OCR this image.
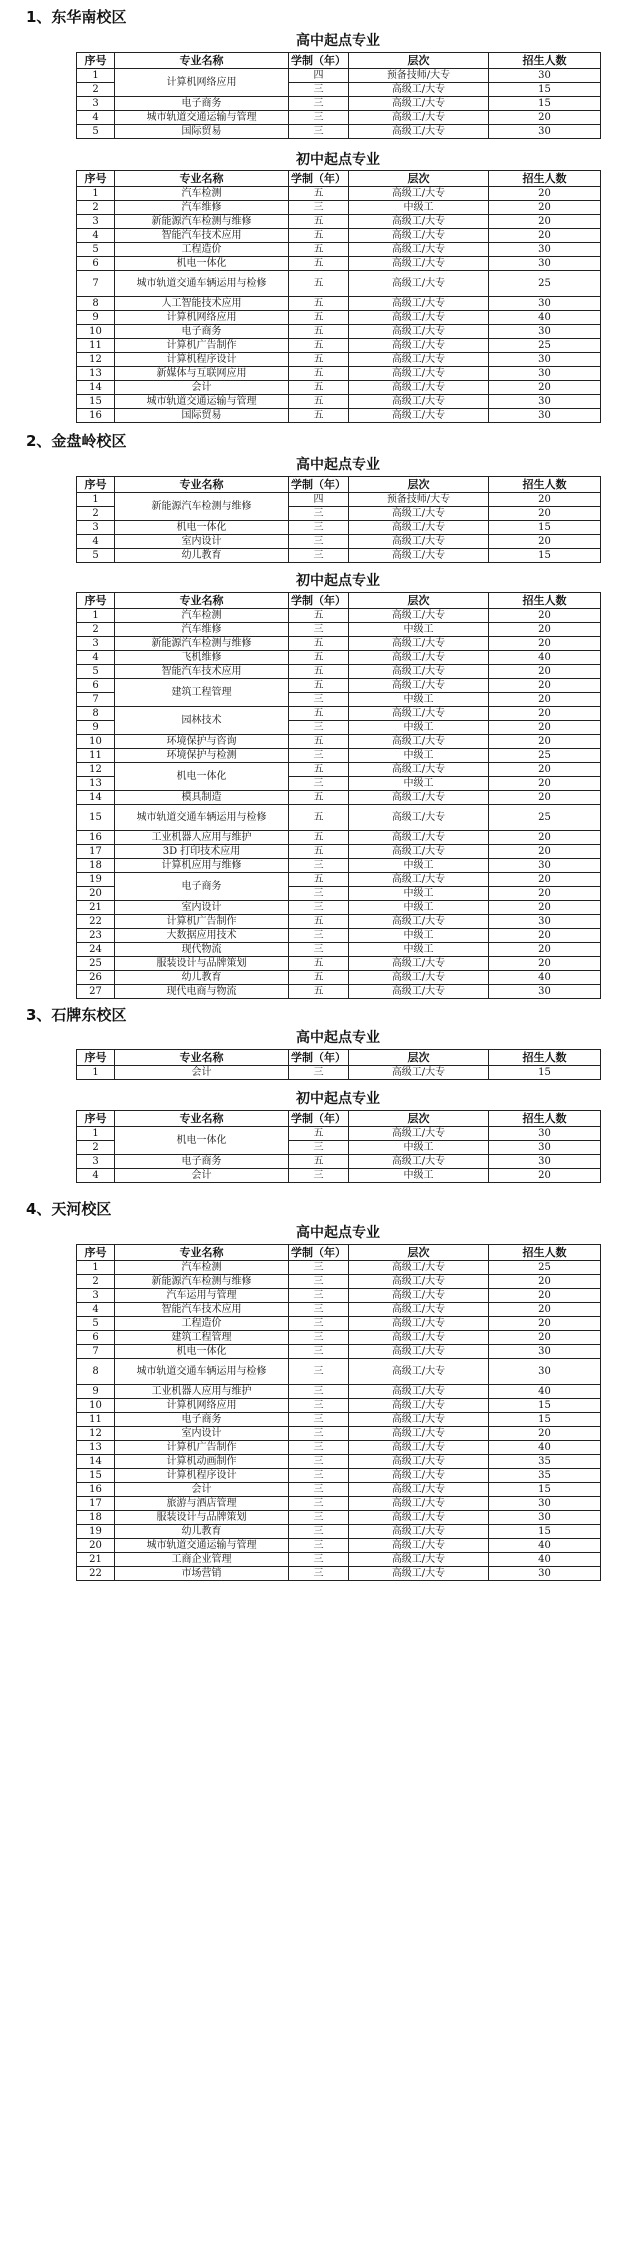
1、东华南校区
高中起点专业
序号	专业名称	学制（年）	层次	招生人数
1	计算机网络应用	四	预备技师/大专	30
2		三	高级工/大专	15
3	电子商务	三	高级工/大专	15
4	城市轨道交通运输与管理	三	高级工/大专	20
5	国际贸易	三	高级工/大专	30
初中起点专业
序号	专业名称	学制（年）	层次	招生人数
1	汽车检测	五	高级工/大专	20
2	汽车维修	三	中级工	20
3	新能源汽车检测与维修	五	高级工/大专	20
4	智能汽车技术应用	五	高级工/大专	20
5	工程造价	五	高级工/大专	30
6	机电一体化	五	高级工/大专	30
7	城市轨道交通车辆运用与检修	五	高级工/大专	25
8	人工智能技术应用	五	高级工/大专	30
9	计算机网络应用	五	高级工/大专	40
10	电子商务	五	高级工/大专	30
11	计算机广告制作	五	高级工/大专	25
12	计算机程序设计	五	高级工/大专	30
13	新媒体与互联网应用	五	高级工/大专	30
14	会计	五	高级工/大专	20
15	城市轨道交通运输与管理	五	高级工/大专	30
16	国际贸易	五	高级工/大专	30
2、金盘岭校区
高中起点专业
序号	专业名称	学制（年）	层次	招生人数
1	新能源汽车检测与维修	四	预备技师/大专	20
2		三	高级工/大专	20
3	机电一体化	三	高级工/大专	15
4	室内设计	三	高级工/大专	20
5	幼儿教育	三	高级工/大专	15
初中起点专业
序号	专业名称	学制（年）	层次	招生人数
1	汽车检测	五	高级工/大专	20
2	汽车维修	三	中级工	20
3	新能源汽车检测与维修	五	高级工/大专	20
4	飞机维修	五	高级工/大专	40
5	智能汽车技术应用	五	高级工/大专	20
6	建筑工程管理	五	高级工/大专	20
7		三	中级工	20
8	园林技术	五	高级工/大专	20
9		三	中级工	20
10	环境保护与咨询	五	高级工/大专	20
11	环境保护与检测	三	中级工	25
12	机电一体化	五	高级工/大专	20
13		三	中级工	20
14	模具制造	五	高级工/大专	20
15	城市轨道交通车辆运用与检修	五	高级工/大专	25
16	工业机器人应用与维护	五	高级工/大专	20
17	3D 打印技术应用	五	高级工/大专	20
18	计算机应用与维修	三	中级工	30
19	电子商务	五	高级工/大专	20
20		三	中级工	20
21	室内设计	三	中级工	20
22	计算机广告制作	五	高级工/大专	30
23	大数据应用技术	三	中级工	20
24	现代物流	三	中级工	20
25	服装设计与品牌策划	五	高级工/大专	20
26	幼儿教育	五	高级工/大专	40
27	现代电商与物流	五	高级工/大专	30
3、石牌东校区
高中起点专业
序号	专业名称	学制（年）	层次	招生人数
1	会计	三	高级工/大专	15
初中起点专业
序号	专业名称	学制（年）	层次	招生人数
1	机电一体化	五	高级工/大专	30
2		三	中级工	30
3	电子商务	五	高级工/大专	30
4	会计	三	中级工	20
4、天河校区
高中起点专业
序号	专业名称	学制（年）	层次	招生人数
1	汽车检测	三	高级工/大专	25
2	新能源汽车检测与维修	三	高级工/大专	20
3	汽车运用与管理	三	高级工/大专	20
4	智能汽车技术应用	三	高级工/大专	20
5	工程造价	三	高级工/大专	20
6	建筑工程管理	三	高级工/大专	20
7	机电一体化	三	高级工/大专	30
8	城市轨道交通车辆运用与检修	三	高级工/大专	30
9	工业机器人应用与维护	三	高级工/大专	40
10	计算机网络应用	三	高级工/大专	15
11	电子商务	三	高级工/大专	15
12	室内设计	三	高级工/大专	20
13	计算机广告制作	三	高级工/大专	40
14	计算机动画制作	三	高级工/大专	35
15	计算机程序设计	三	高级工/大专	35
16	会计	三	高级工/大专	15
17	旅游与酒店管理	三	高级工/大专	30
18	服装设计与品牌策划	三	高级工/大专	30
19	幼儿教育	三	高级工/大专	15
20	城市轨道交通运输与管理	三	高级工/大专	40
21	工商企业管理	三	高级工/大专	40
22	市场营销	三	高级工/大专	30
